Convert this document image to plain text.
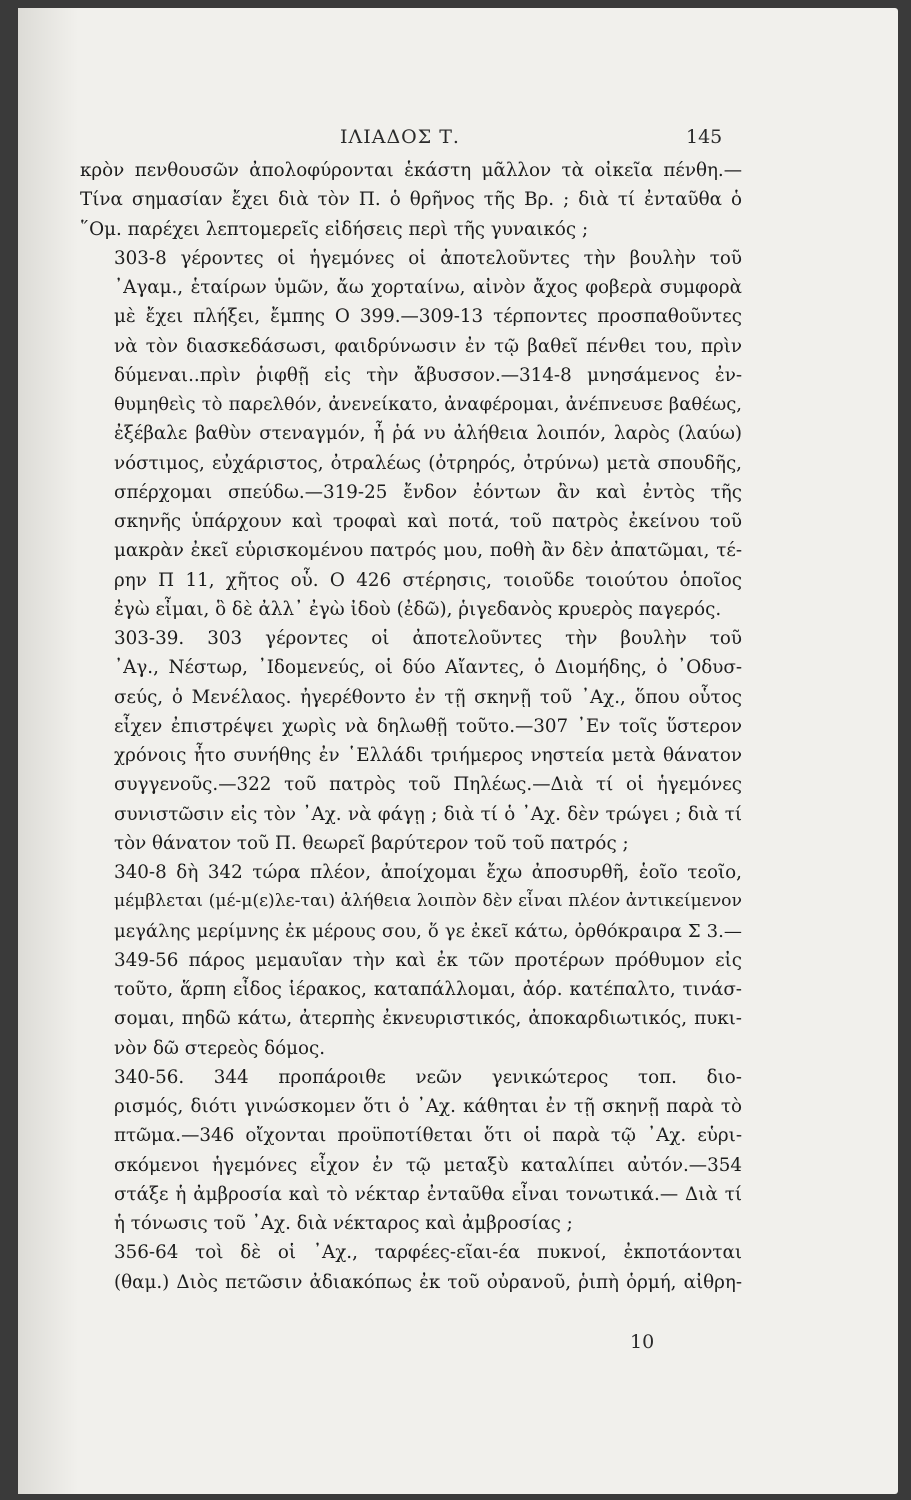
ΙΛΙΑΔΟΣ Τ.	145

κρὸν πενθουσῶν ἀπολοφύρονται ἑκάστη μᾶλλον τὰ οἰκεῖα πένθη.—
Τίνα σημασίαν ἔχει διὰ τὸν Π. ὁ θρῆνος τῆς Βρ. ; διὰ τί ἐνταῦθα ὁ
῞Ομ. παρέχει λεπτομερεῖς εἰδήσεις περὶ τῆς γυναικός ;

303-8 γέροντες οἱ ἡγεμόνες οἱ ἀποτελοῦντες τὴν βουλὴν τοῦ
᾿Αγαμ., ἑταίρων ὑμῶν, ἄω χορταίνω, αἰνὸν ἄχος φοβερὰ συμφορὰ
μὲ ἔχει πλήξει, ἔμπης Ο 399.—309-13 τέρποντες προσπαθοῦντες
νὰ τὸν διασκεδάσωσι, φαιδρύνωσιν ἐν τῷ βαθεῖ πένθει του, πρὶν
δύμεναι..πρὶν ῥιφθῇ εἰς τὴν ἄβυσσον.—314-8 μνησάμενος ἐν-
θυμηθεὶς τὸ παρελθόν, ἀνενείκατο, ἀναφέρομαι, ἀνέπνευσε βαθέως,
ἐξέβαλε βαθὺν στεναγμόν, ἦ ῥά νυ ἀλήθεια λοιπόν, λαρὸς (λαύω)
νόστιμος, εὐχάριστος, ὀτραλέως (ὀτρηρός, ὀτρύνω) μετὰ σπουδῆς,
σπέρχομαι σπεύδω.—319-25 ἔνδον ἐόντων ἂν καὶ ἐντὸς τῆς
σκηνῆς ὑπάρχουν καὶ τροφαὶ καὶ ποτά, τοῦ πατρὸς ἐκείνου τοῦ
μακρὰν ἐκεῖ εὑρισκομένου πατρός μου, ποθὴ ἂν δὲν ἀπατῶμαι, τέ-
ρην Π 11, χῆτος οὗ. Ο 426 στέρησις, τοιοῦδε τοιούτου ὁποῖος
ἐγὼ εἶμαι, ὃ δὲ ἀλλ᾿ ἐγὼ ἰδοὺ (ἐδῶ), ῥιγεδανὸς κρυερὸς παγερός.

303-39. 303 γέροντες οἱ ἀποτελοῦντες τὴν βουλὴν τοῦ
᾿Αγ., Νέστωρ, ᾿Ιδομενεύς, οἱ δύο Αἴαντες, ὁ Διομήδης, ὁ ᾿Οδυσ-
σεύς, ὁ Μενέλαος. ἠγερέθοντο ἐν τῇ σκηνῇ τοῦ ᾿Αχ., ὅπου οὗτος
εἶχεν ἐπιστρέψει χωρὶς νὰ δηλωθῇ τοῦτο.—307 ᾿Εν τοῖς ὕστερον
χρόνοις ἦτο συνήθης ἐν ῾Ελλάδι τριήμερος νηστεία μετὰ θάνατον
συγγενοῦς.—322 τοῦ πατρὸς τοῦ Πηλέως.—Διὰ τί οἱ ἡγεμόνες
συνιστῶσιν εἰς τὸν ᾿Αχ. νὰ φάγῃ ; διὰ τί ὁ ᾿Αχ. δὲν τρώγει ; διὰ τί
τὸν θάνατον τοῦ Π. θεωρεῖ βαρύτερον τοῦ τοῦ πατρός ;

340-8 δὴ 342 τώρα πλέον, ἀποίχομαι ἔχω ἀποσυρθῆ, ἑοῖο τεοῖο,
μέμβλεται (μέ-μ(ε)λε-ται) ἀλήθεια λοιπὸν δὲν εἶναι πλέον ἀντικείμενον
μεγάλης μερίμνης ἐκ μέρους σου, ὅ γε ἐκεῖ κάτω, ὀρθόκραιρα Σ 3.—
349-56 πάρος μεμαυῖαν τὴν καὶ ἐκ τῶν προτέρων πρόθυμον εἰς
τοῦτο, ἅρπη εἶδος ἱέρακος, καταπάλλομαι, ἀόρ. κατέπαλτο, τινάσ-
σομαι, πηδῶ κάτω, ἀτερπὴς ἐκνευριστικός, ἀποκαρδιωτικός, πυκι-
νὸν δῶ στερεὸς δόμος.

340-56. 344 προπάροιθε νεῶν γενικώτερος τοπ. διο-
ρισμός, διότι γινώσκομεν ὅτι ὁ ᾿Αχ. κάθηται ἐν τῇ σκηνῇ παρὰ τὸ
πτῶμα.—346 οἴχονται προϋποτίθεται ὅτι οἱ παρὰ τῷ ᾿Αχ. εὑρι-
σκόμενοι ἡγεμόνες εἶχον ἐν τῷ μεταξὺ καταλίπει αὐτόν.—354
στάξε ἡ ἀμβροσία καὶ τὸ νέκταρ ἐνταῦθα εἶναι τονωτικά.— Διὰ τί
ἡ τόνωσις τοῦ ᾿Αχ. διὰ νέκταρος καὶ ἀμβροσίας ;

356-64 τοὶ δὲ οἱ ᾿Αχ., ταρφέες-εῖαι-έα πυκνοί, ἐκποτάονται
(θαμ.) Διὸς πετῶσιν ἀδιακόπως ἐκ τοῦ οὐρανοῦ, ῥιπὴ ὁρμή, αἰθρη-

10
